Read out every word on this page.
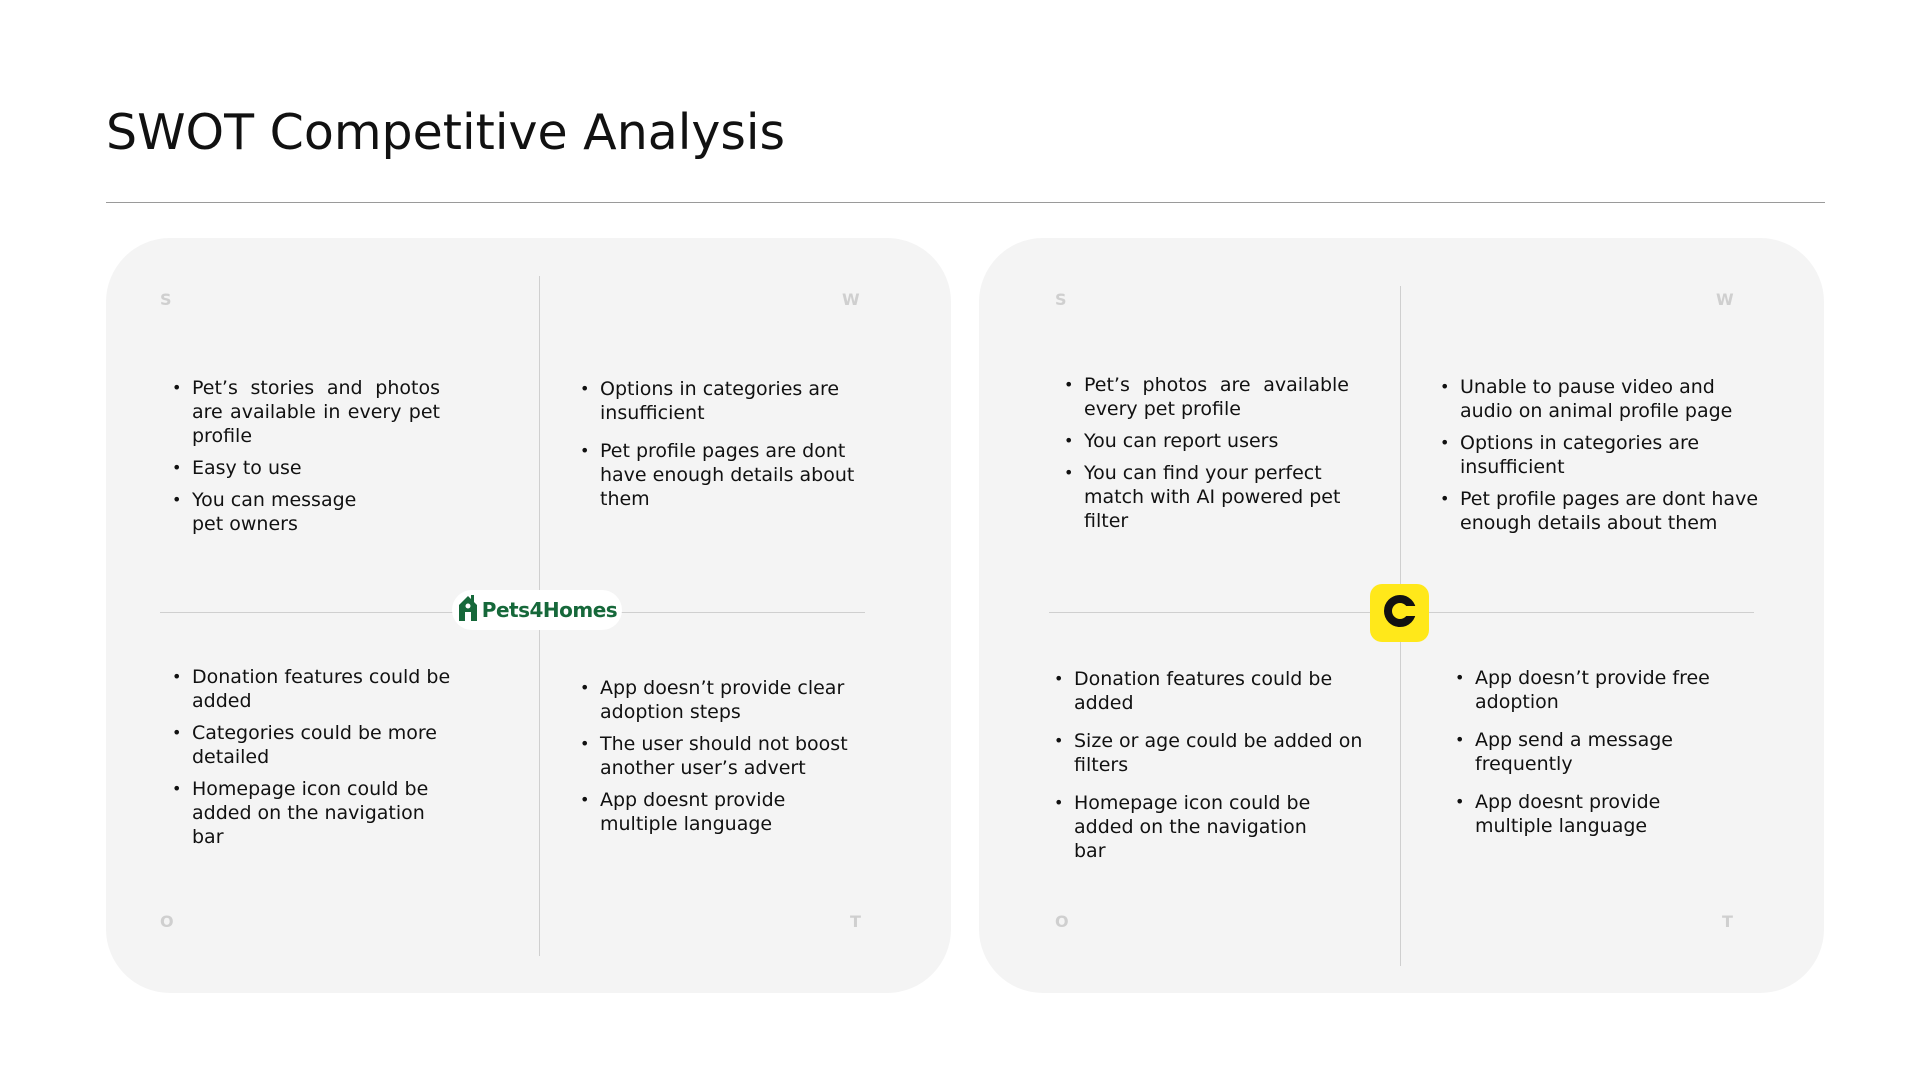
SWOT Competitive Analysis
S	W
O	T
• Pet’s stories and photos are available in every pet profile
• Easy to use
• You can message pet owners
• Options in categories are insufficient
• Pet profile pages are dont have enough details about them
• Donation features could be added
• Categories could be more detailed
• Homepage icon could be added on the navigation bar
• App doesn’t provide clear adoption steps
• The user should not boost another user’s advert
• App doesnt provide multiple language
Pets4Homes
S	W
O	T
• Pet’s photos are available every pet profile
• You can report users
• You can find your perfect match with AI powered pet filter
• Unable to pause video and audio on animal profile page
• Options in categories are insufficient
• Pet profile pages are dont have enough details about them
• Donation features could be added
• Size or age could be added on filters
• Homepage icon could be added on the navigation bar
• App doesn’t provide free adoption
• App send a message frequently
• App doesnt provide multiple language
